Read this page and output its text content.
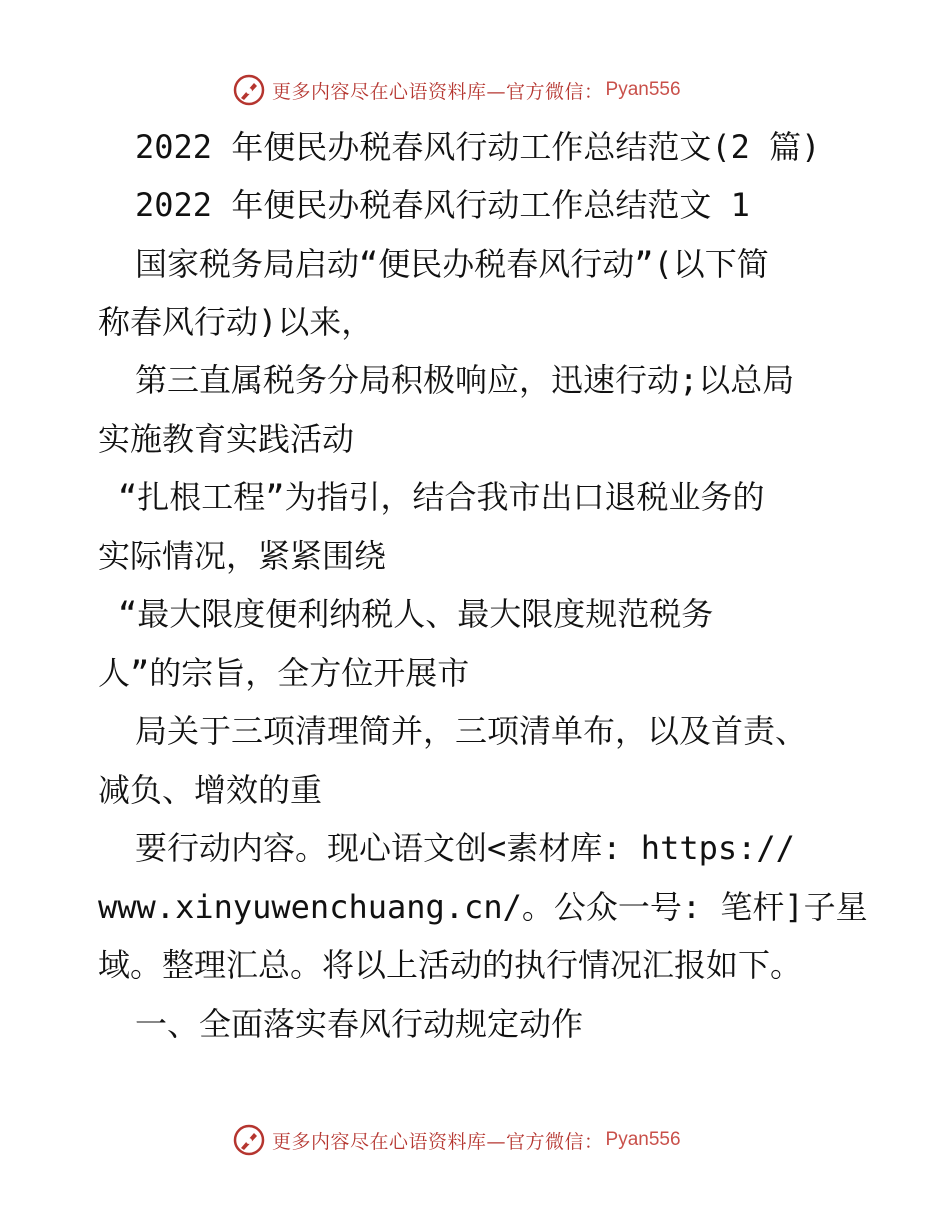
更多内容尽在心语资料库—官方微信： Pyan556
2022 年便民办税春风行动工作总结范文(2 篇)
2022 年便民办税春风行动工作总结范文 1
国家税务局启动“便民办税春风行动”(以下简
称春风行动)以来，
第三直属税务分局积极响应，迅速行动;以总局
实施教育实践活动
“扎根工程”为指引，结合我市出口退税业务的
实际情况，紧紧围绕
“最大限度便利纳税人、最大限度规范税务
人”的宗旨，全方位开展市
局关于三项清理简并，三项清单布，以及首责、
减负、增效的重
要行动内容。现心语文创<素材库: https://
www.xinyuwenchuang.cn/。公众一号: 笔杆]子星
域。整理汇总。将以上活动的执行情况汇报如下。
一、全面落实春风行动规定动作
更多内容尽在心语资料库—官方微信： Pyan556
